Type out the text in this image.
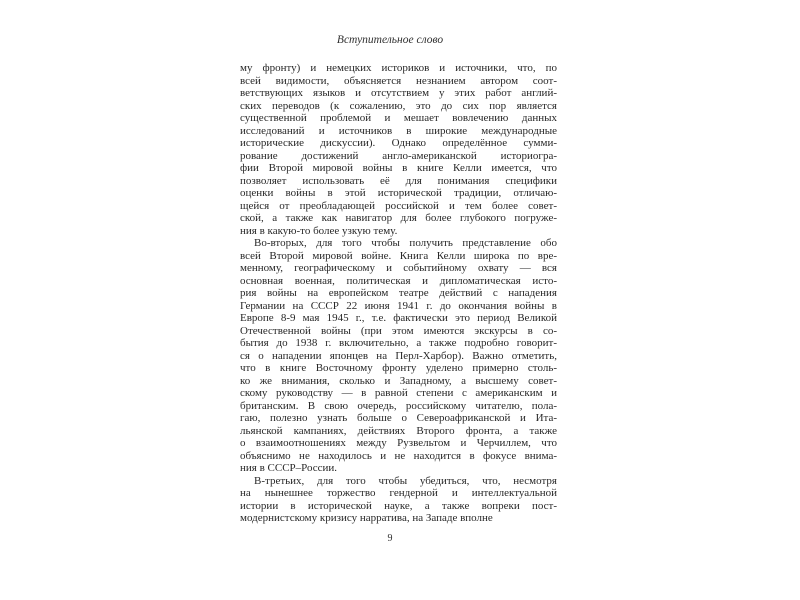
Вступительное слово
му фронту) и немецких историков и источники, что, по
всей видимости, объясняется незнанием автором соот-
ветствующих языков и отсутствием у этих работ англий-
ских переводов (к сожалению, это до сих пор является
существенной проблемой и мешает вовлечению данных
исследований и источников в широкие международные
исторические дискуссии). Однако определённое сумми-
рование достижений англо-американской историогра-
фии Второй мировой войны в книге Келли имеется, что
позволяет использовать её для понимания специфики
оценки войны в этой исторической традиции, отличаю-
щейся от преобладающей российской и тем более совет-
ской, а также как навигатор для более глубокого погруже-
ния в какую-то более узкую тему.
Во-вторых, для того чтобы получить представление обо
всей Второй мировой войне. Книга Келли широка по вре-
менному, географическому и событийному охвату — вся
основная военная, политическая и дипломатическая исто-
рия войны на европейском театре действий с нападения
Германии на СССР 22 июня 1941 г. до окончания войны в
Европе 8-9 мая 1945 г., т.е. фактически это период Великой
Отечественной войны (при этом имеются экскурсы в со-
бытия до 1938 г. включительно, а также подробно говорит-
ся о нападении японцев на Перл-Харбор). Важно отметить,
что в книге Восточному фронту уделено примерно столь-
ко же внимания, сколько и Западному, а высшему совет-
скому руководству — в равной степени с американским и
британским. В свою очередь, российскому читателю, пола-
гаю, полезно узнать больше о Североафриканской и Ита-
льянской кампаниях, действиях Второго фронта, а также
о взаимоотношениях между Рузвельтом и Черчиллем, что
объяснимо не находилось и не находится в фокусе внима-
ния в СССР–России.
В-третьих, для того чтобы убедиться, что, несмотря
на нынешнее торжество гендерной и интеллектуальной
истории в исторической науке, а также вопреки пост-
модернистскому кризису нарратива, на Западе вполне
9
